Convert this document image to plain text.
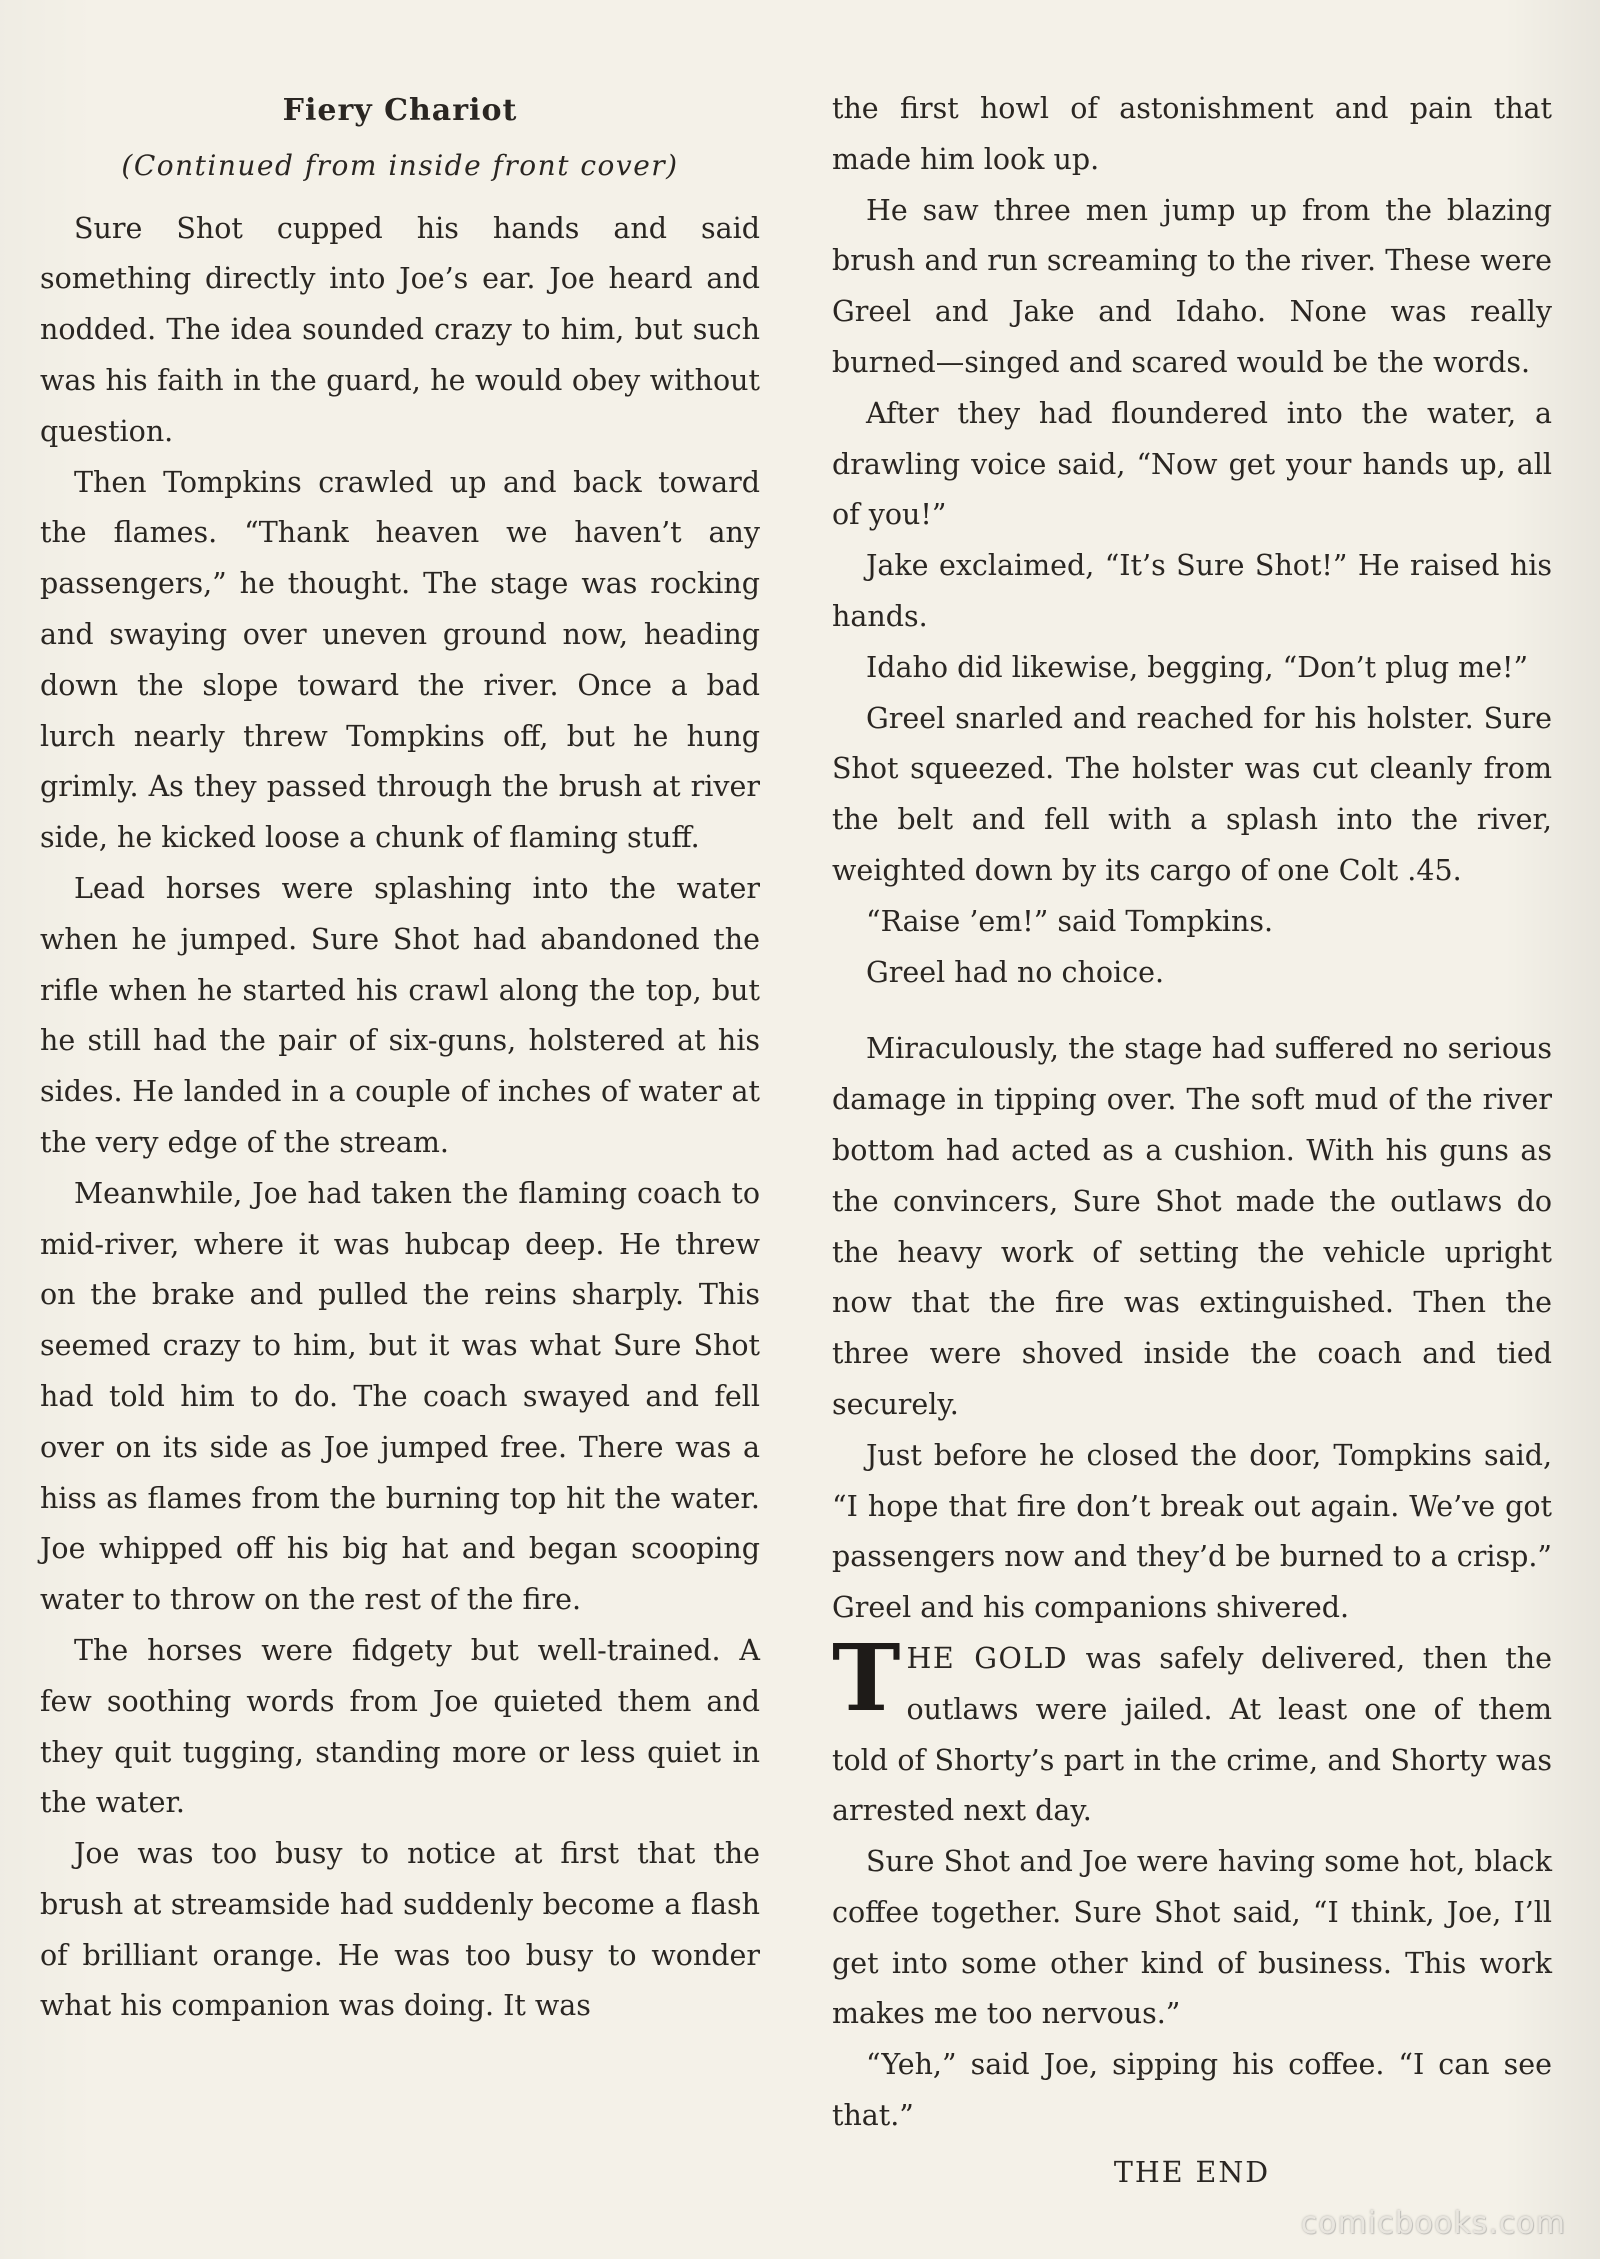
Fiery Chariot

(Continued from inside front cover)

Sure Shot cupped his hands and said something directly into Joe’s ear. Joe heard and nodded. The idea sounded crazy to him, but such was his faith in the guard, he would obey without question.

Then Tompkins crawled up and back toward the flames. “Thank heaven we haven’t any passengers,” he thought. The stage was rocking and swaying over uneven ground now, heading down the slope toward the river. Once a bad lurch nearly threw Tompkins off, but he hung grimly. As they passed through the brush at river side, he kicked loose a chunk of flaming stuff.

Lead horses were splashing into the water when he jumped. Sure Shot had abandoned the rifle when he started his crawl along the top, but he still had the pair of six-guns, holstered at his sides. He landed in a couple of inches of water at the very edge of the stream.

Meanwhile, Joe had taken the flaming coach to mid-river, where it was hubcap deep. He threw on the brake and pulled the reins sharply. This seemed crazy to him, but it was what Sure Shot had told him to do. The coach swayed and fell over on its side as Joe jumped free. There was a hiss as flames from the burning top hit the water. Joe whipped off his big hat and began scooping water to throw on the rest of the fire.

The horses were fidgety but well-trained. A few soothing words from Joe quieted them and they quit tugging, standing more or less quiet in the water.

Joe was too busy to notice at first that the brush at streamside had suddenly become a flash of brilliant orange. He was too busy to wonder what his companion was doing. It was

the first howl of astonishment and pain that made him look up.

He saw three men jump up from the blazing brush and run screaming to the river. These were Greel and Jake and Idaho. None was really burned—singed and scared would be the words.

After they had floundered into the water, a drawling voice said, “Now get your hands up, all of you!”

Jake exclaimed, “It’s Sure Shot!” He raised his hands.

Idaho did likewise, begging, “Don’t plug me!”

Greel snarled and reached for his holster. Sure Shot squeezed. The holster was cut cleanly from the belt and fell with a splash into the river, weighted down by its cargo of one Colt .45.

“Raise ’em!” said Tompkins.

Greel had no choice.

Miraculously, the stage had suffered no serious damage in tipping over. The soft mud of the river bottom had acted as a cushion. With his guns as the convincers, Sure Shot made the outlaws do the heavy work of setting the vehicle upright now that the fire was extinguished. Then the three were shoved inside the coach and tied securely.

Just before he closed the door, Tompkins said, “I hope that fire don’t break out again. We’ve got passengers now and they’d be burned to a crisp.” Greel and his companions shivered.

THE GOLD was safely delivered, then the outlaws were jailed. At least one of them told of Shorty’s part in the crime, and Shorty was arrested next day.

Sure Shot and Joe were having some hot, black coffee together. Sure Shot said, “I think, Joe, I’ll get into some other kind of business. This work makes me too nervous.”

“Yeh,” said Joe, sipping his coffee. “I can see that.”

THE END

comicbooks.com
